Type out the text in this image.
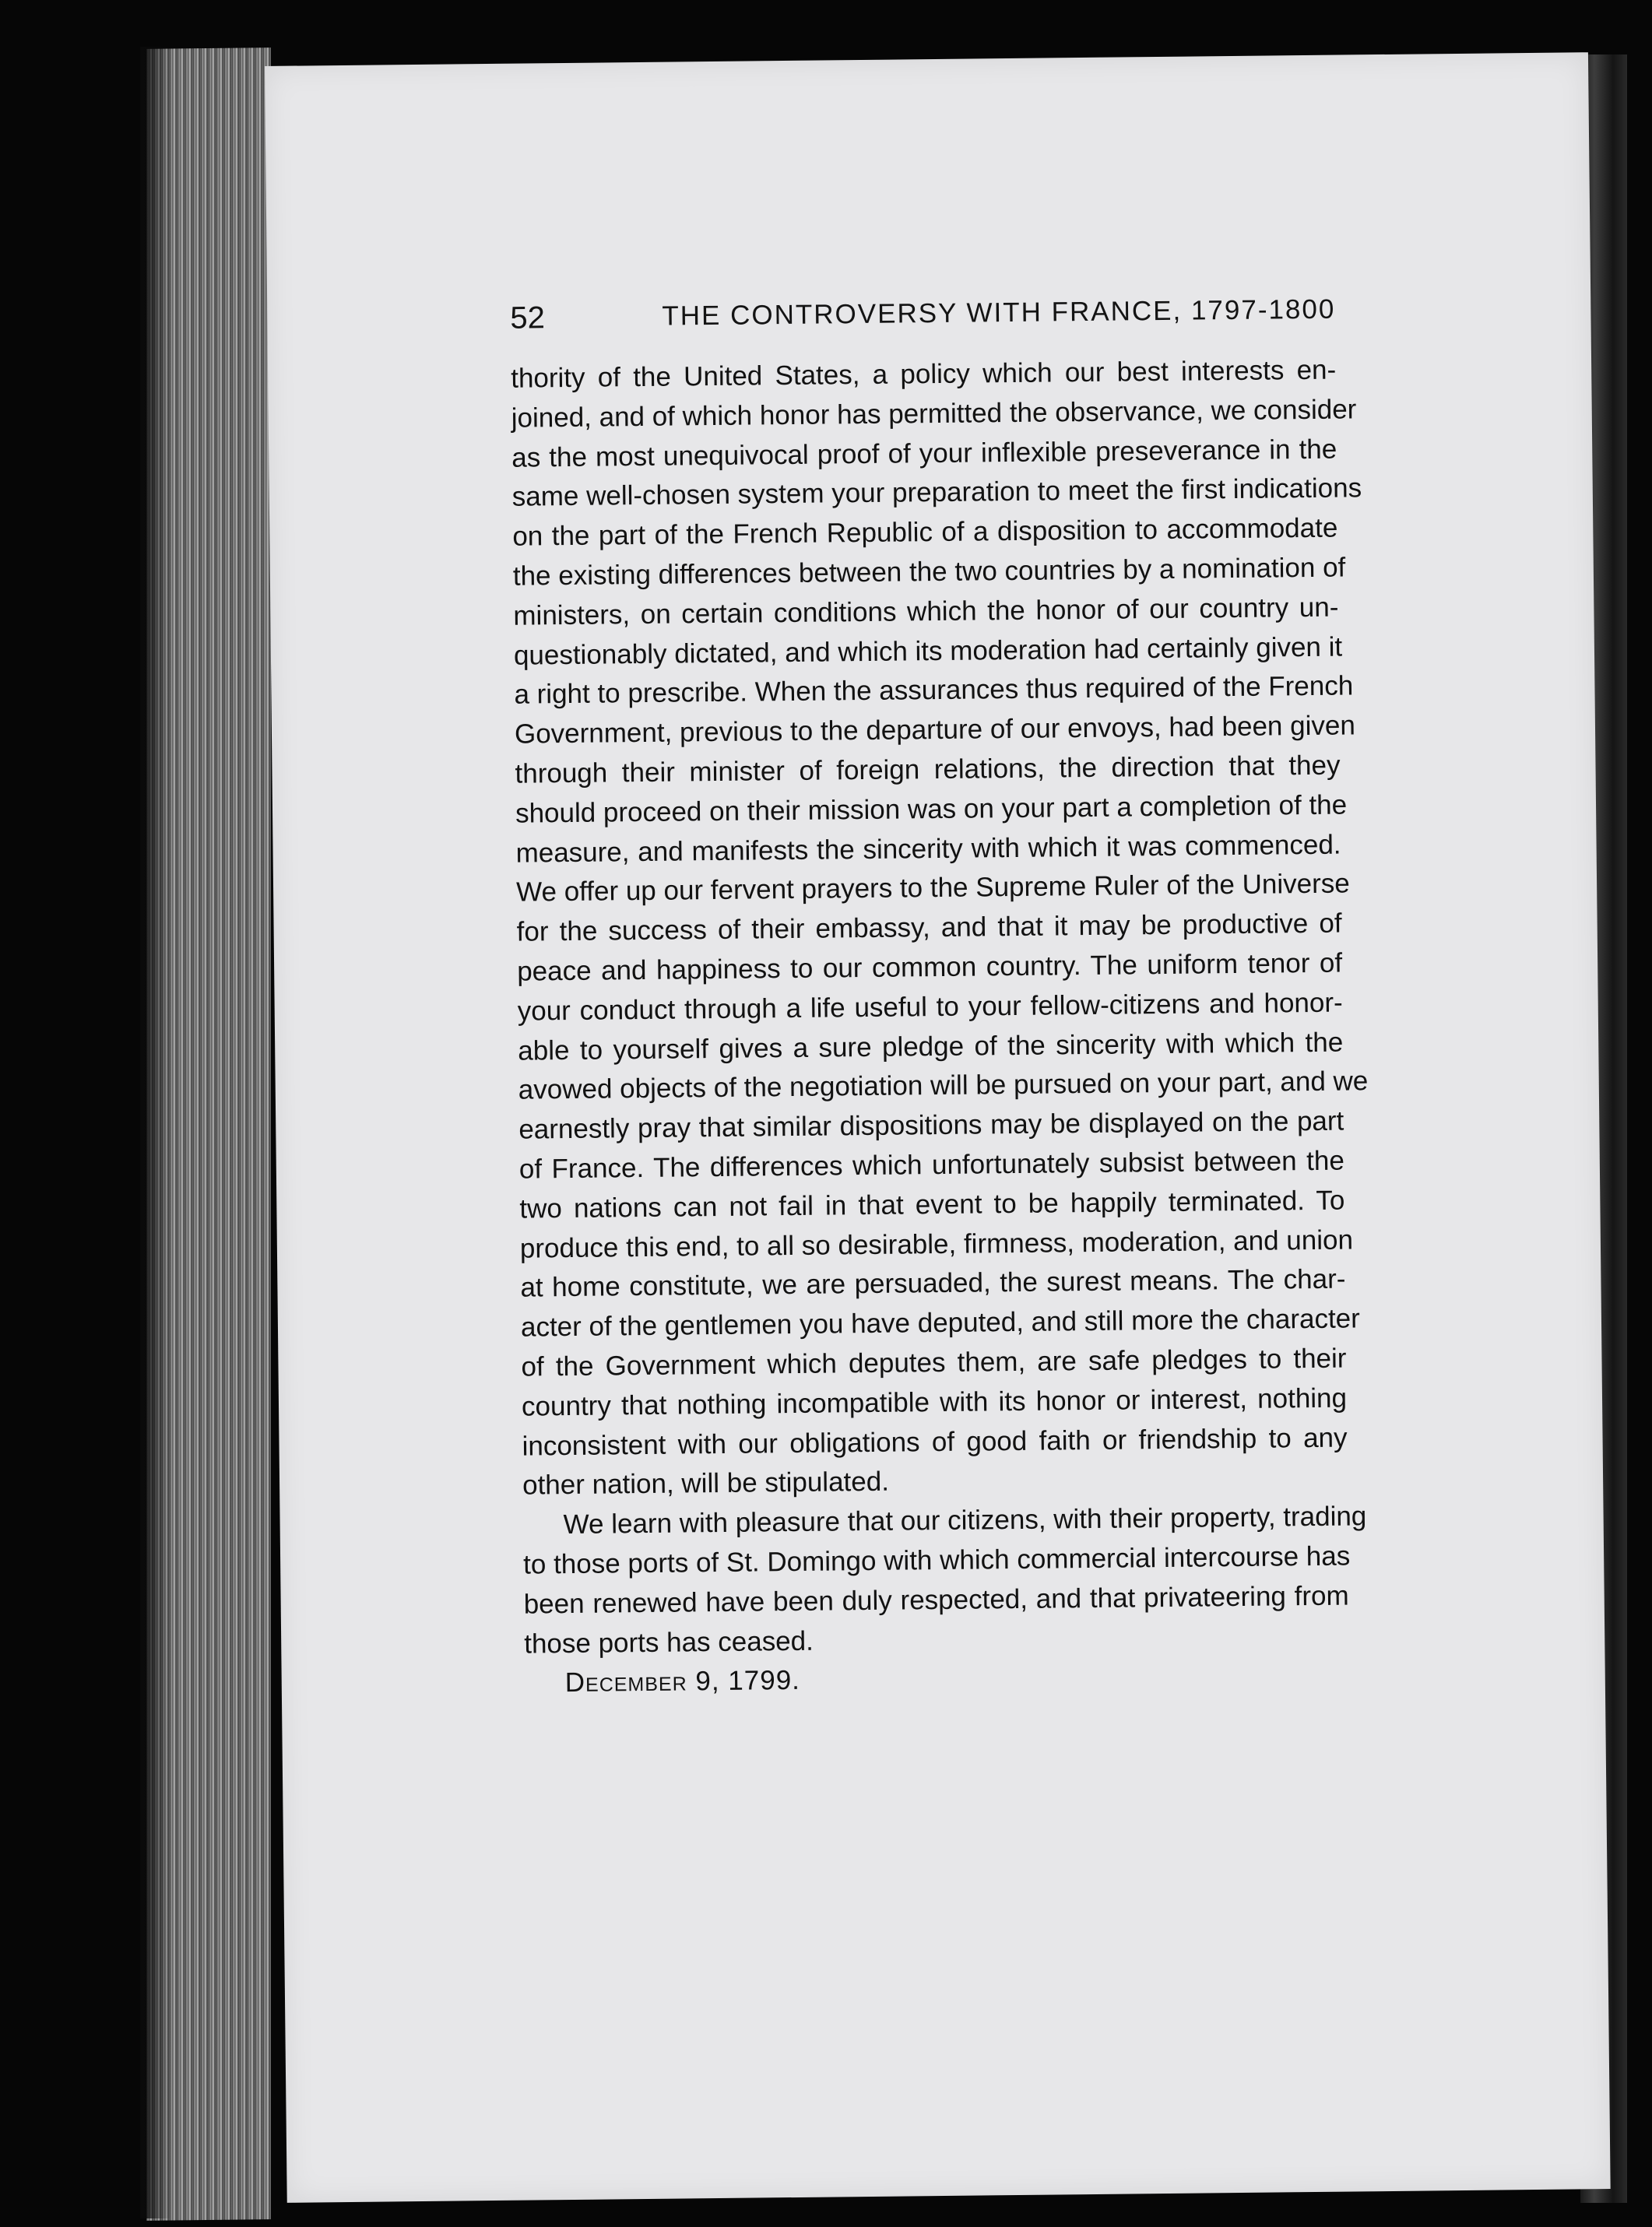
52	THE CONTROVERSY WITH FRANCE, 1797-1800
thority of the United States, a policy which our best interests en-
joined, and of which honor has permitted the observance, we consider
as the most unequivocal proof of your inflexible preseverance in the
same well-chosen system your preparation to meet the first indications
on the part of the French Republic of a disposition to accommodate
the existing differences between the two countries by a nomination of
ministers, on certain conditions which the honor of our country un-
questionably dictated, and which its moderation had certainly given it
a right to prescribe. When the assurances thus required of the French
Government, previous to the departure of our envoys, had been given
through their minister of foreign relations, the direction that they
should proceed on their mission was on your part a completion of the
measure, and manifests the sincerity with which it was commenced.
We offer up our fervent prayers to the Supreme Ruler of the Universe
for the success of their embassy, and that it may be productive of
peace and happiness to our common country. The uniform tenor of
your conduct through a life useful to your fellow-citizens and honor-
able to yourself gives a sure pledge of the sincerity with which the
avowed objects of the negotiation will be pursued on your part, and we
earnestly pray that similar dispositions may be displayed on the part
of France. The differences which unfortunately subsist between the
two nations can not fail in that event to be happily terminated. To
produce this end, to all so desirable, firmness, moderation, and union
at home constitute, we are persuaded, the surest means. The char-
acter of the gentlemen you have deputed, and still more the character
of the Government which deputes them, are safe pledges to their
country that nothing incompatible with its honor or interest, nothing
inconsistent with our obligations of good faith or friendship to any
other nation, will be stipulated.
We learn with pleasure that our citizens, with their property, trading
to those ports of St. Domingo with which commercial intercourse has
been renewed have been duly respected, and that privateering from
those ports has ceased.
December 9, 1799.
